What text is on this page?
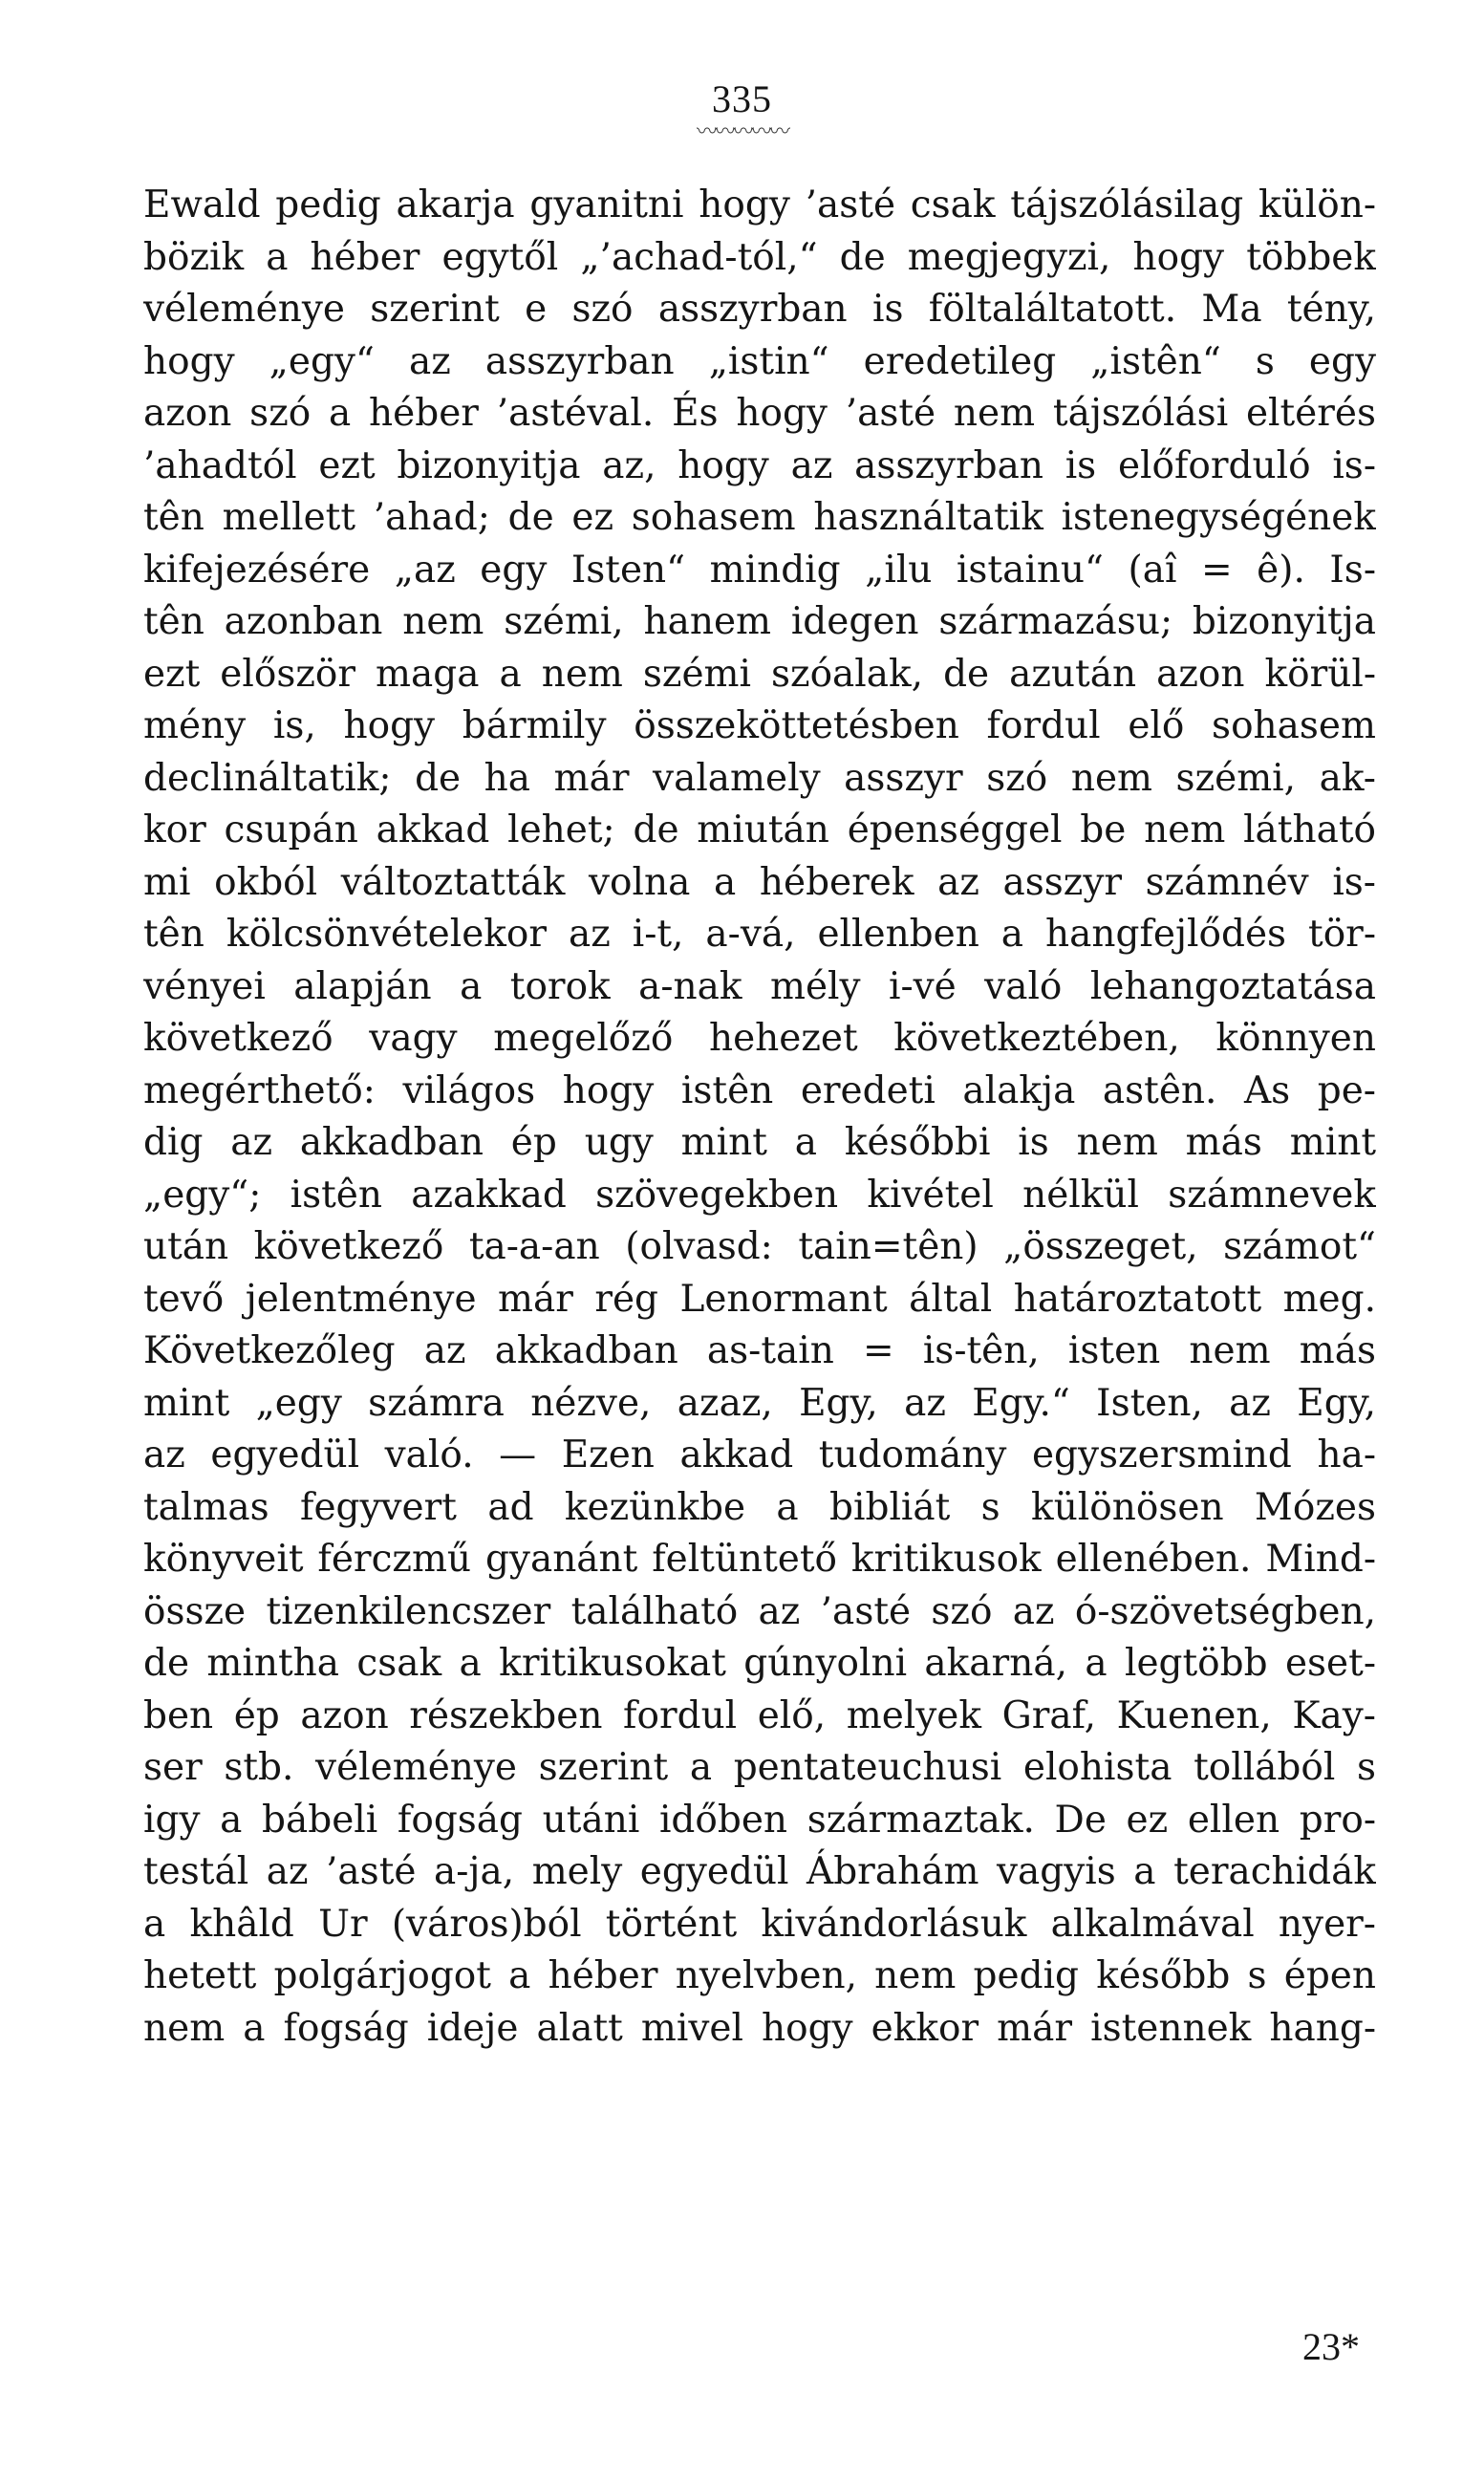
335
〰〰〰〰〰
Ewald pedig akarja gyanitni hogy ’asté csak tájszólásilag külön-
bözik a héber egytől „’achad-tól,“ de megjegyzi, hogy többek
véleménye szerint e szó asszyrban is föltaláltatott. Ma tény,
hogy „egy“ az asszyrban „istin“ eredetileg „istên“ s egy
azon szó a héber ’astéval. És hogy ’asté nem tájszólási eltérés
’ahadtól ezt bizonyitja az, hogy az asszyrban is előforduló is-
tên mellett ’ahad; de ez sohasem használtatik istenegységének
kifejezésére „az egy Isten“ mindig „ilu istainu“ (aî = ê). Is-
tên azonban nem szémi, hanem idegen származásu; bizonyitja
ezt először maga a nem szémi szóalak, de azután azon körül-
mény is, hogy bármily összeköttetésben fordul elő sohasem
declináltatik; de ha már valamely asszyr szó nem szémi, ak-
kor csupán akkad lehet; de miután épenséggel be nem látható
mi okból változtatták volna a héberek az asszyr számnév is-
tên kölcsönvételekor az i-t, a-vá, ellenben a hangfejlődés tör-
vényei alapján a torok a-nak mély i-vé való lehangoztatása
következő vagy megelőző hehezet következtében, könnyen
megérthető: világos hogy istên eredeti alakja astên. As pe-
dig az akkadban ép ugy mint a későbbi is nem más mint
„egy“; istên azakkad szövegekben kivétel nélkül számnevek
után következő ta-a-an (olvasd: tain=tên) „összeget, számot“
tevő jelentménye már rég Lenormant által határoztatott meg.
Következőleg az akkadban as-tain = is-tên, isten nem más
mint „egy számra nézve, azaz, Egy, az Egy.“ Isten, az Egy,
az egyedül való. — Ezen akkad tudomány egyszersmind ha-
talmas fegyvert ad kezünkbe a bibliát s különösen Mózes
könyveit férczmű gyanánt feltüntető kritikusok ellenében. Mind-
össze tizenkilencszer található az ’asté szó az ó-szövetségben,
de mintha csak a kritikusokat gúnyolni akarná, a legtöbb eset-
ben ép azon részekben fordul elő, melyek Graf, Kuenen, Kay-
ser stb. véleménye szerint a pentateuchusi elohista tollából s
igy a bábeli fogság utáni időben származtak. De ez ellen pro-
testál az ’asté a-ja, mely egyedül Ábrahám vagyis a terachidák
a khâld Ur (város)ból történt kivándorlásuk alkalmával nyer-
hetett polgárjogot a héber nyelvben, nem pedig később s épen
nem a fogság ideje alatt mivel hogy ekkor már istennek hang-
23*
